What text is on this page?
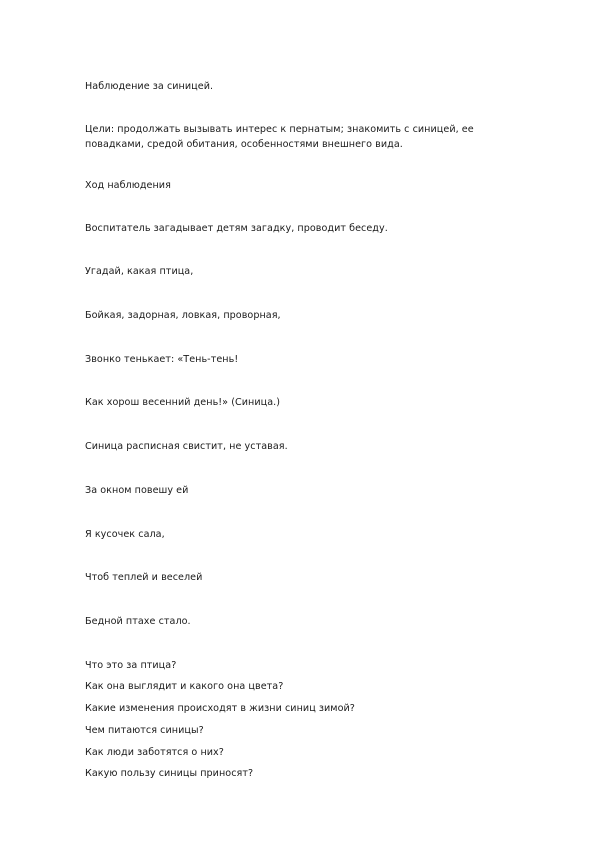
Наблюдение за синицей.
Цели: продолжать вызывать интерес к пернатым; знакомить с синицей, ее повадками, средой обитания, особенностями внешнего вида.
Ход наблюдения
Воспитатель загадывает детям загадку, проводит беседу.
Угадай, какая птица,
Бойкая, задорная, ловкая, проворная,
Звонко тенькает: «Тень-тень!
Как хорош весенний день!» (Синица.)
Синица расписная свистит, не уставая.
За окном повешу ей
Я кусочек сала,
Чтоб теплей и веселей
Бедной птахе стало.
Что это за птица?
Как она выглядит и какого она цвета?
Какие изменения происходят в жизни синиц зимой?
Чем питаются синицы?
Как люди заботятся о них?
Какую пользу синицы приносят?
